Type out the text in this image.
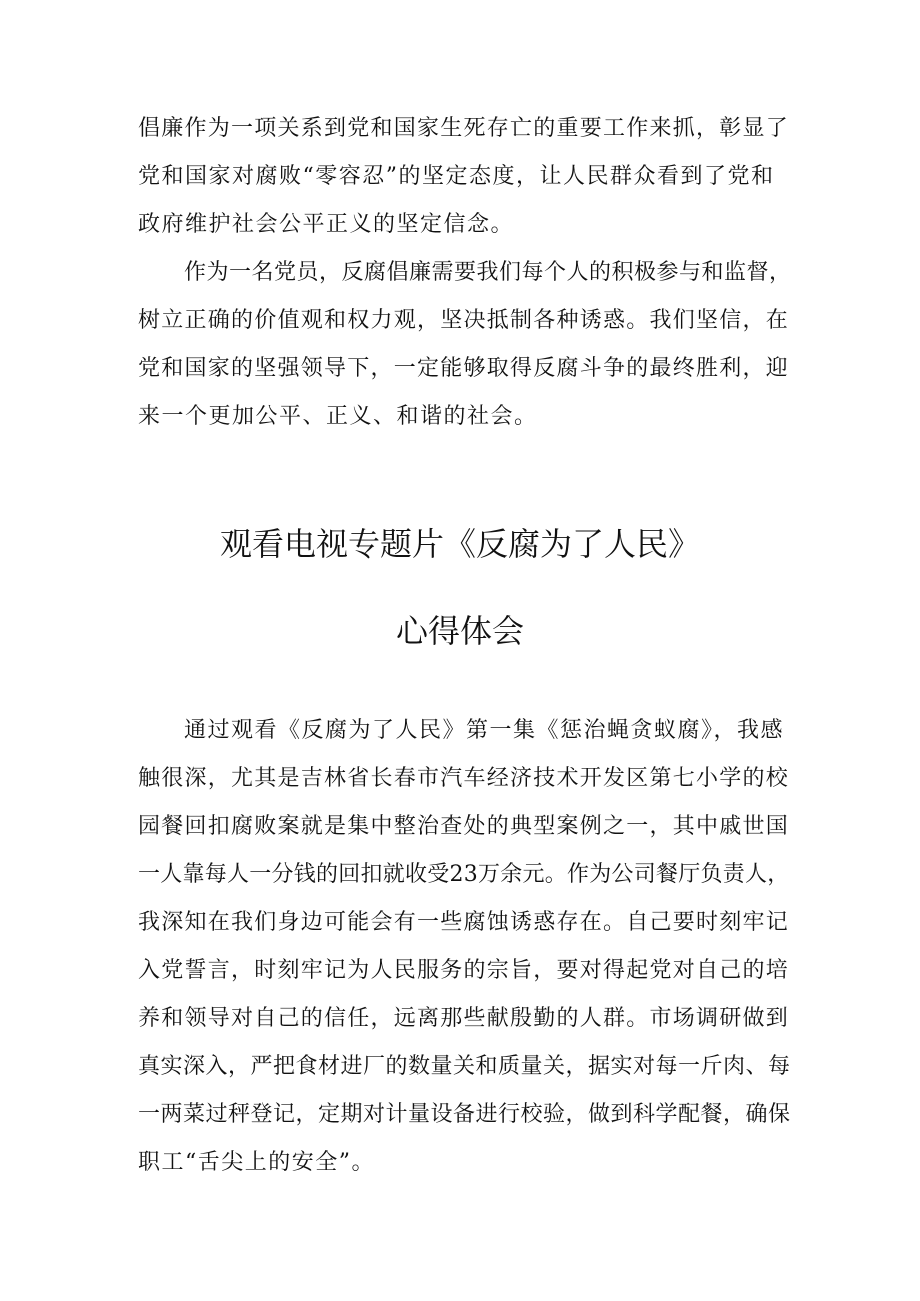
倡廉作为一项关系到党和国家生死存亡的重要工作来抓，彰显了
党和国家对腐败“零容忍”的坚定态度，让人民群众看到了党和
政府维护社会公平正义的坚定信念。
作为一名党员，反腐倡廉需要我们每个人的积极参与和监督，
树立正确的价值观和权力观，坚决抵制各种诱惑。我们坚信，在
党和国家的坚强领导下，一定能够取得反腐斗争的最终胜利，迎
来一个更加公平、正义、和谐的社会。
观看电视专题片《反腐为了人民》
心得体会
通过观看《反腐为了人民》第一集《惩治蝇贪蚁腐》，我感
触很深，尤其是吉林省长春市汽车经济技术开发区第七小学的校
园餐回扣腐败案就是集中整治查处的典型案例之一，其中戚世国
一人靠每人一分钱的回扣就收受23万余元。作为公司餐厅负责人，
我深知在我们身边可能会有一些腐蚀诱惑存在。自己要时刻牢记
入党誓言，时刻牢记为人民服务的宗旨，要对得起党对自己的培
养和领导对自己的信任，远离那些献殷勤的人群。市场调研做到
真实深入，严把食材进厂的数量关和质量关，据实对每一斤肉、每
一两菜过秤登记，定期对计量设备进行校验，做到科学配餐，确保
职工“舌尖上的安全”。
